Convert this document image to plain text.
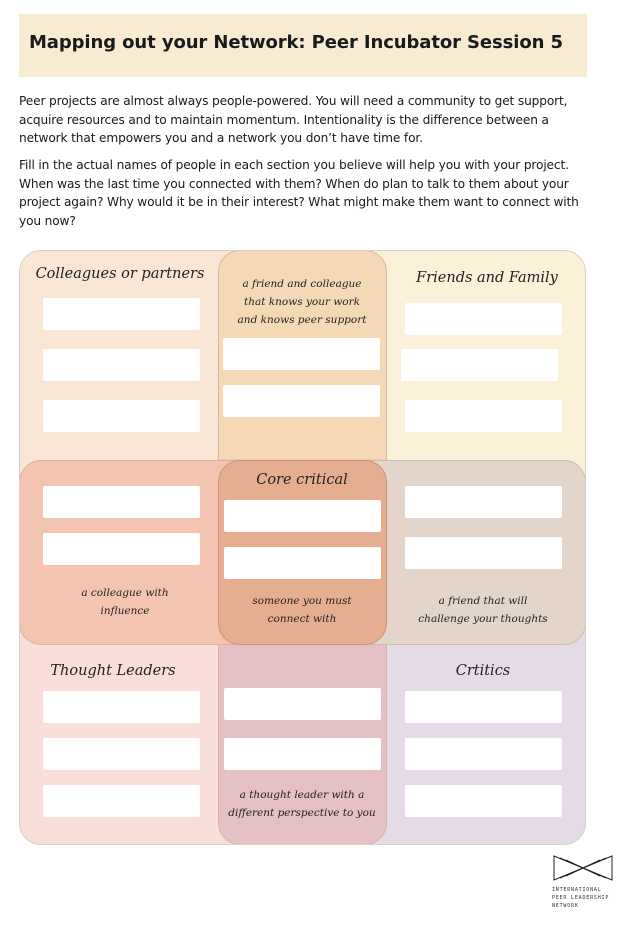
Mapping out your Network: Peer Incubator Session 5

Peer projects are almost always people-powered. You will need a community to get support, acquire resources and to maintain momentum. Intentionality is the difference between a network that empowers you and a network you don’t have time for.

Fill in the actual names of people in each section you believe will help you with your project. When was the last time you connected with them? When do plan to talk to them about your project again? Why would it be in their interest? What might make them want to connect with you now?

Colleagues or partners
a friend and colleague
that knows your work
and knows peer support
Friends and Family
Core critical
a colleague with
influence
someone you must
connect with
a friend that will
challenge your thoughts
Thought Leaders	Crtitics
a thought leader with a
different perspective to you
INTERNATIONAL
PEER LEADERSHIP
NETWORK
